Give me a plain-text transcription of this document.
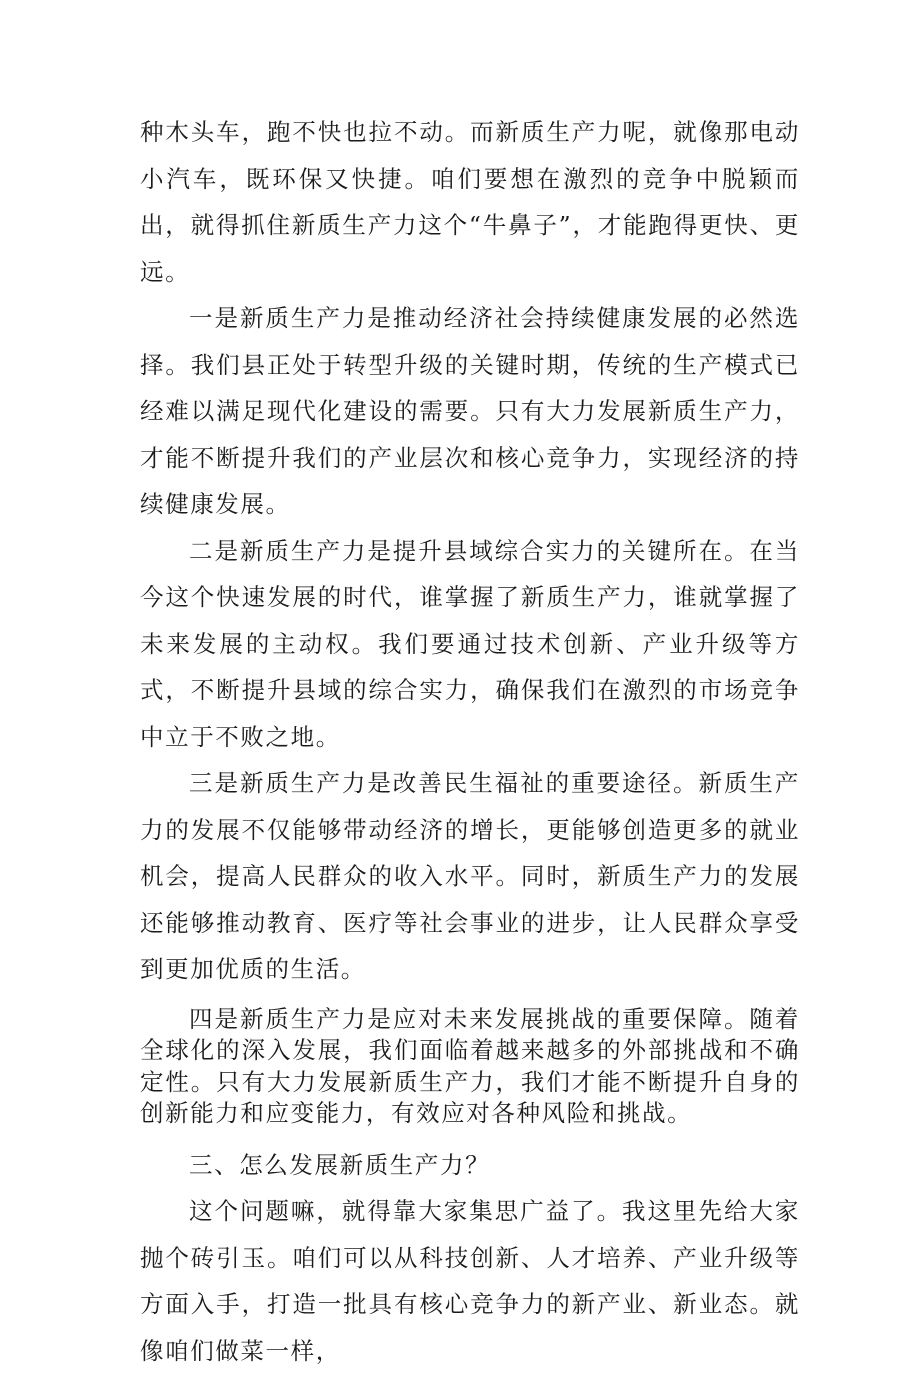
种木头车，跑不快也拉不动。而新质生产力呢，就像那电动小汽车，既环保又快捷。咱们要想在激烈的竞争中脱颖而出，就得抓住新质生产力这个“牛鼻子”，才能跑得更快、更远。

一是新质生产力是推动经济社会持续健康发展的必然选择。我们县正处于转型升级的关键时期，传统的生产模式已经难以满足现代化建设的需要。只有大力发展新质生产力，才能不断提升我们的产业层次和核心竞争力，实现经济的持续健康发展。

二是新质生产力是提升县域综合实力的关键所在。在当今这个快速发展的时代，谁掌握了新质生产力，谁就掌握了未来发展的主动权。我们要通过技术创新、产业升级等方式，不断提升县域的综合实力，确保我们在激烈的市场竞争中立于不败之地。

三是新质生产力是改善民生福祉的重要途径。新质生产力的发展不仅能够带动经济的增长，更能够创造更多的就业机会，提高人民群众的收入水平。同时，新质生产力的发展还能够推动教育、医疗等社会事业的进步，让人民群众享受到更加优质的生活。

四是新质生产力是应对未来发展挑战的重要保障。随着全球化的深入发展，我们面临着越来越多的外部挑战和不确定性。只有大力发展新质生产力，我们才能不断提升自身的创新能力和应变能力，有效应对各种风险和挑战。

三、怎么发展新质生产力？

这个问题嘛，就得靠大家集思广益了。我这里先给大家抛个砖引玉。咱们可以从科技创新、人才培养、产业升级等方面入手，打造一批具有核心竞争力的新产业、新业态。就像咱们做菜一样，
